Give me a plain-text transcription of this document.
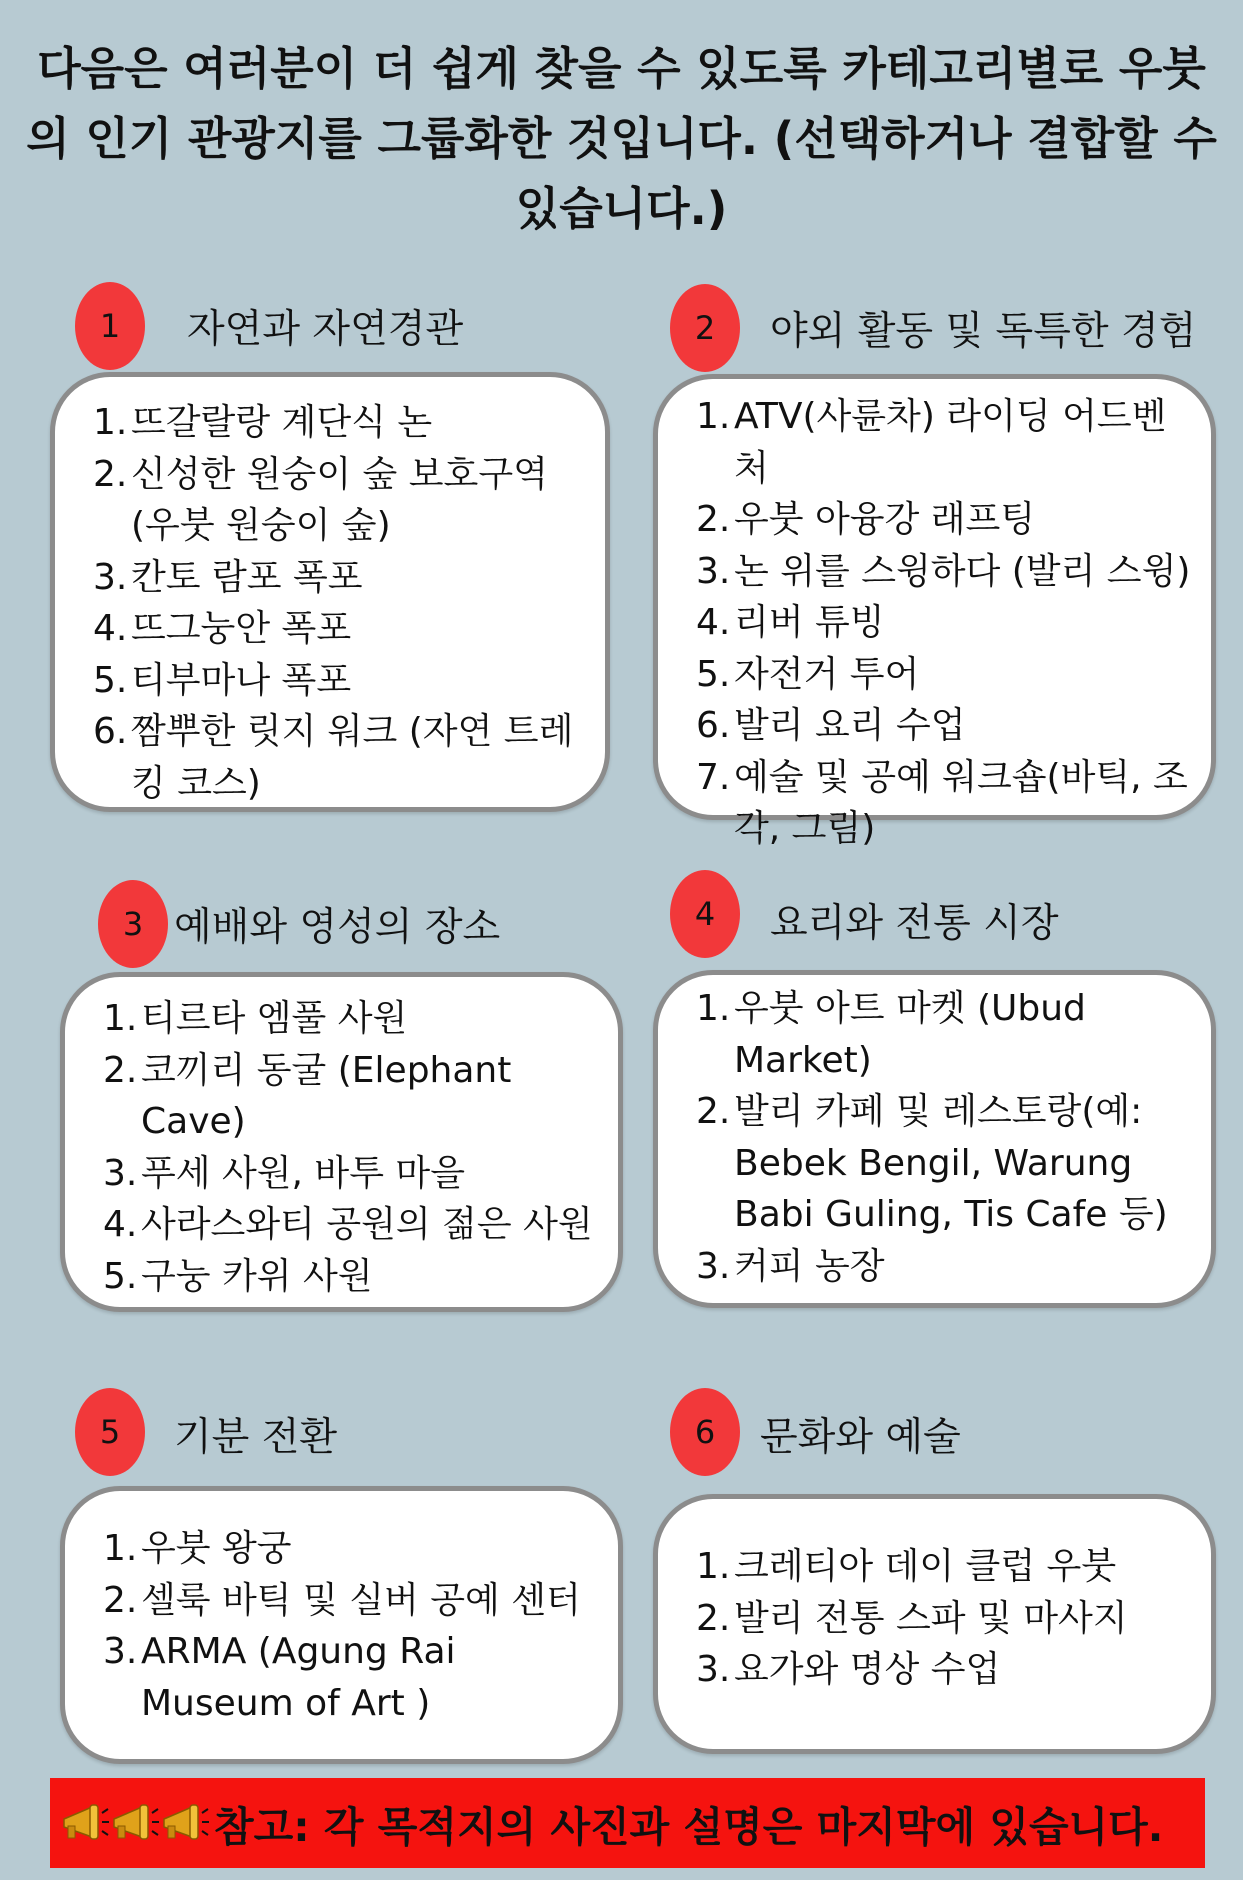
다음은 여러분이 더 쉽게 찾을 수 있도록 카테고리별로 우붓의 인기 관광지를 그룹화한 것입니다. (선택하거나 결합할 수 있습니다.)
1	자연과 자연경관
1. 뜨갈랄랑 계단식 논
2. 신성한 원숭이 숲 보호구역 (우붓 원숭이 숲)
3. 칸토 람포 폭포
4. 뜨그눙안 폭포
5. 티부마나 폭포
6. 짬뿌한 릿지 워크 (자연 트레킹 코스)
2	야외 활동 및 독특한 경험
1. ATV(사륜차) 라이딩 어드벤처
2. 우붓 아융강 래프팅
3. 논 위를 스윙하다 (발리 스윙)
4. 리버 튜빙
5. 자전거 투어
6. 발리 요리 수업
7. 예술 및 공예 워크숍(바틱, 조각, 그림)
3 예배와 영성의 장소
1. 티르타 엠풀 사원
2. 코끼리 동굴 (Elephant Cave)
3. 푸세 사원, 바투 마을
4. 사라스와티 공원의 젊은 사원
5. 구눙 카위 사원
4	요리와 전통 시장
1. 우붓 아트 마켓 (Ubud Market)
2. 발리 카페 및 레스토랑(예: Bebek Bengil, Warung Babi Guling, Tis Cafe 등)
3. 커피 농장
5	기분 전환
1. 우붓 왕궁
2. 셀룩 바틱 및 실버 공예 센터
3. ARMA (Agung Rai Museum of Art )
6	문화와 예술
1. 크레티아 데이 클럽 우붓
2. 발리 전통 스파 및 마사지
3. 요가와 명상 수업
참고: 각 목적지의 사진과 설명은 마지막에 있습니다.
